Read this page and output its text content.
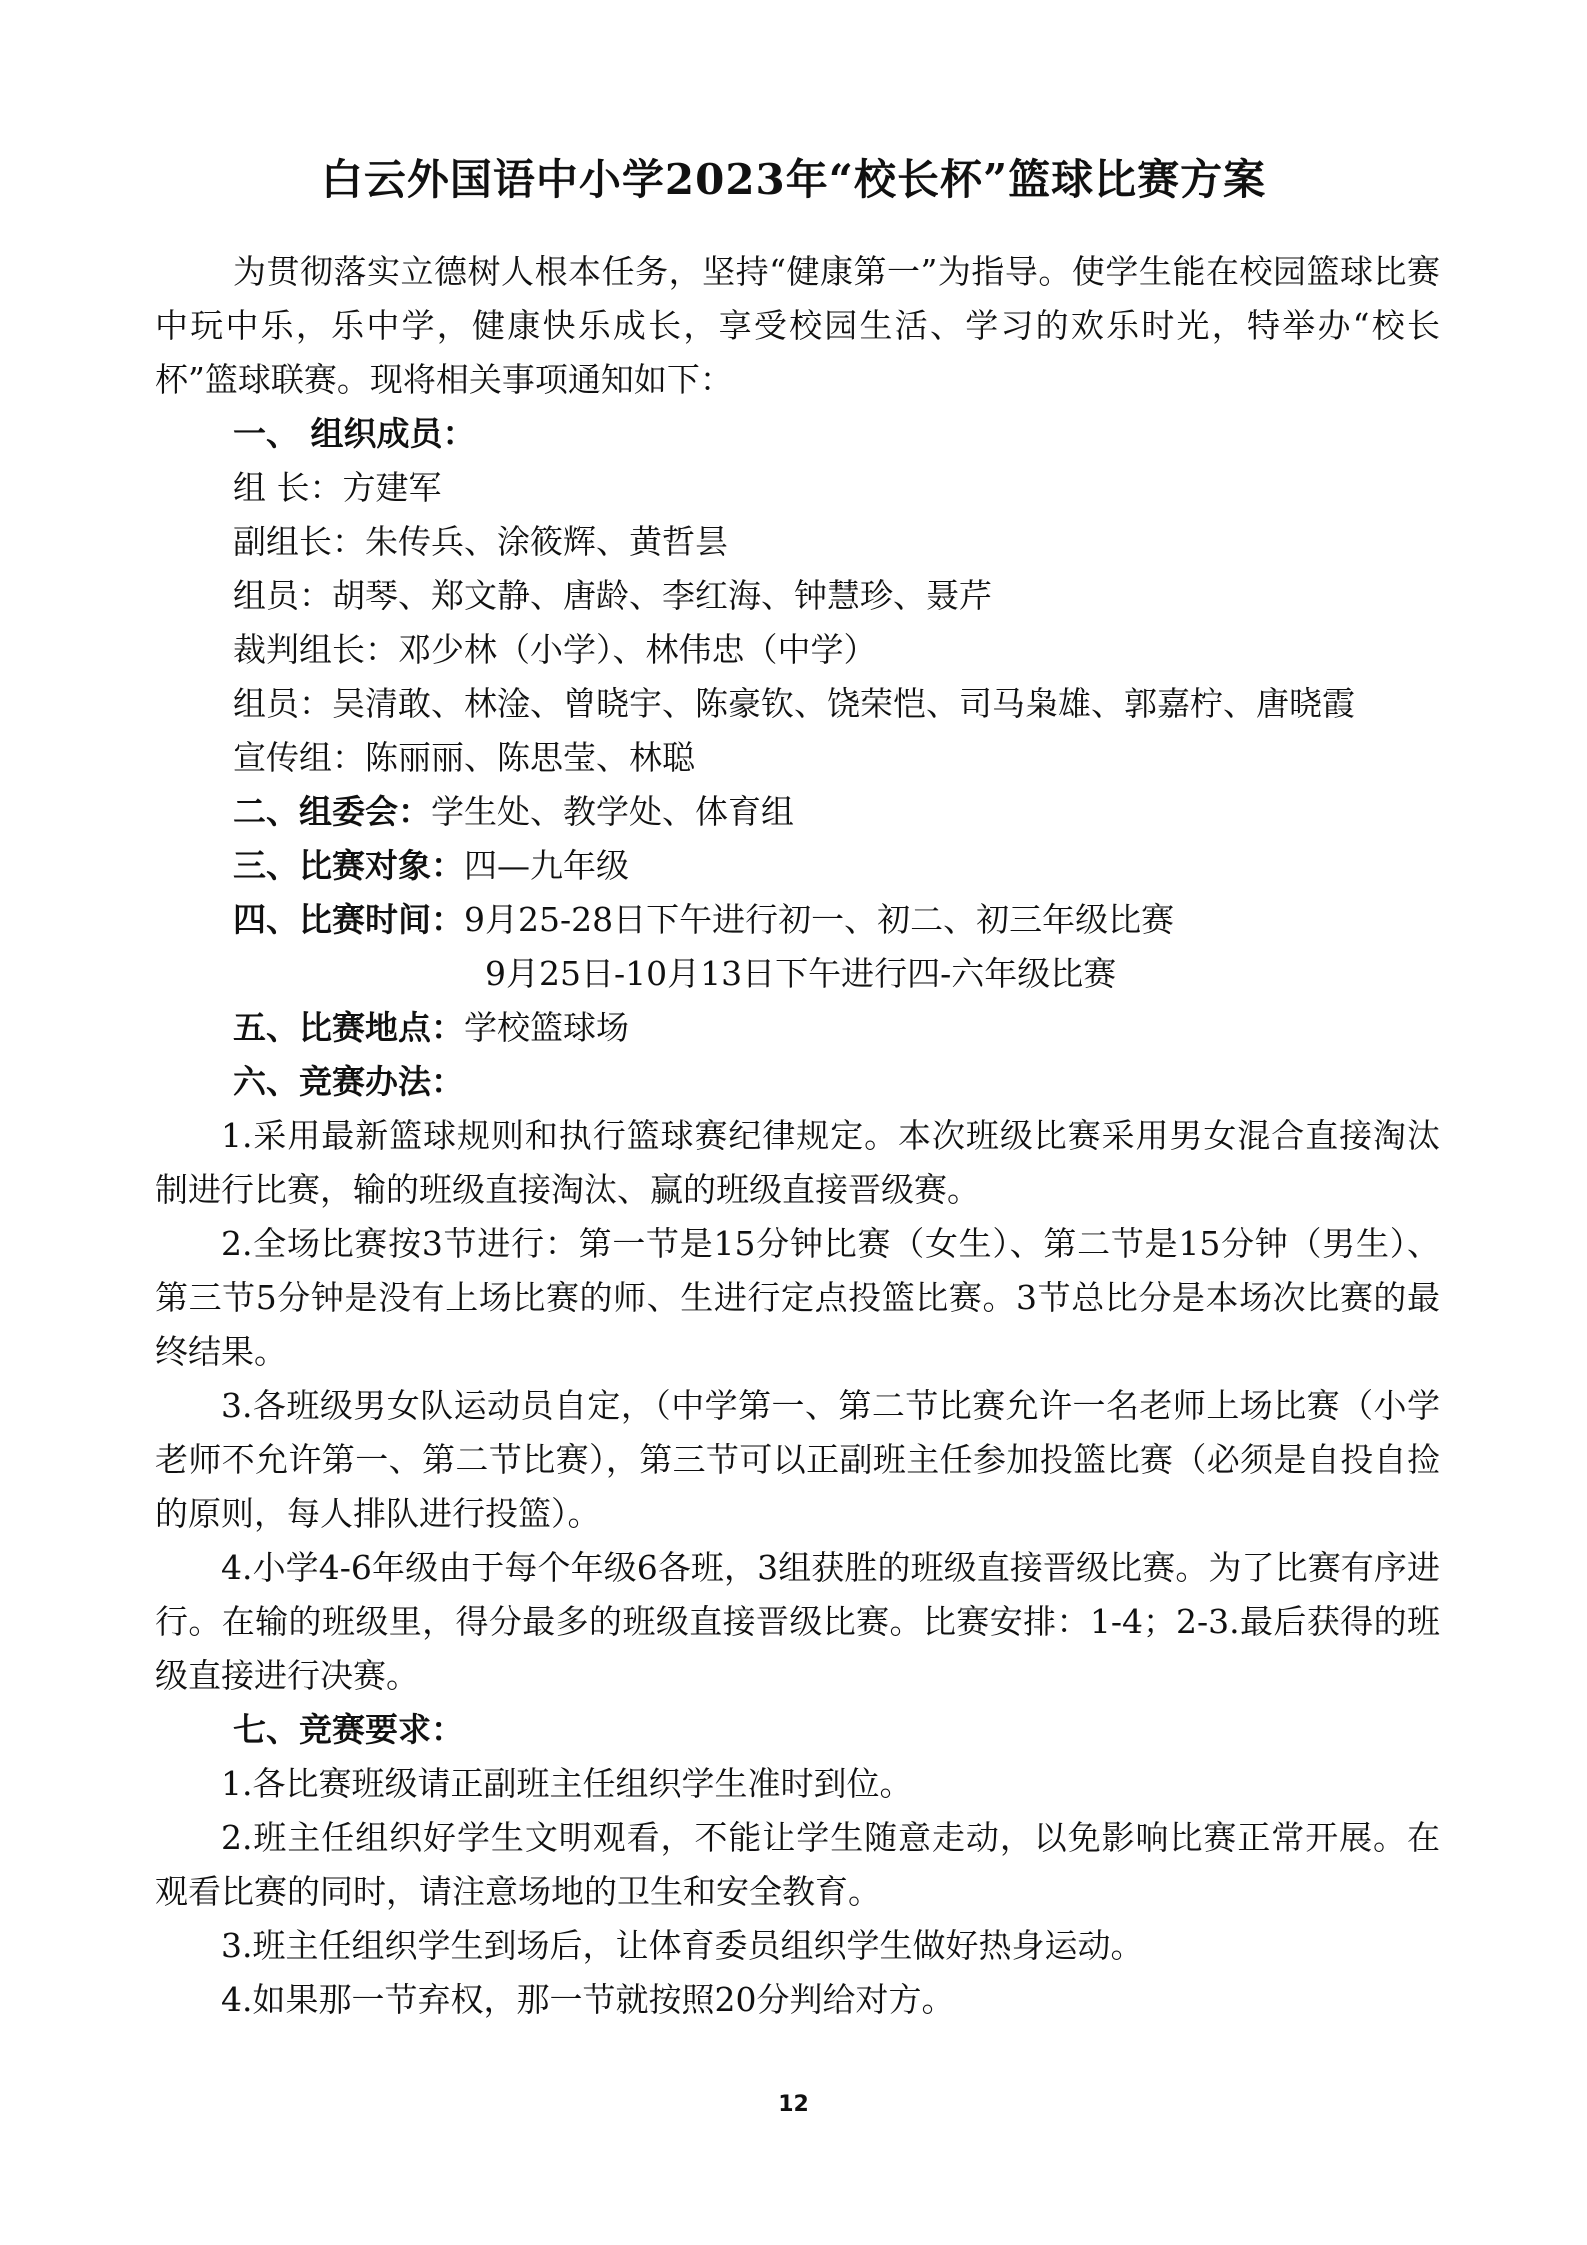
白云外国语中小学2023年“校长杯”篮球比赛方案

为贯彻落实立德树人根本任务，坚持“健康第一”为指导。使学生能在校园篮球比赛中玩中乐，乐中学，健康快乐成长，享受校园生活、学习的欢乐时光，特举办“校长杯”篮球联赛。现将相关事项通知如下：

一、 组织成员：

组 长：方建军

副组长：朱传兵、涂筱辉、黄哲昙

组员：胡琴、郑文静、唐龄、李红海、钟慧珍、聂芹

裁判组长：邓少林（小学）、林伟忠（中学）

组员：吴清敢、林淦、曾晓宇、陈豪钦、饶荣恺、司马枭雄、郭嘉柠、唐晓霞

宣传组：陈丽丽、陈思莹、林聪

二、组委会：学生处、教学处、体育组

三、比赛对象：四—九年级

四、比赛时间：9月25-28日下午进行初一、初二、初三年级比赛

9月25日-10月13日下午进行四-六年级比赛

五、比赛地点：学校篮球场

六、竞赛办法：

1.采用最新篮球规则和执行篮球赛纪律规定。本次班级比赛采用男女混合直接淘汰制进行比赛，输的班级直接淘汰、赢的班级直接晋级赛。

2.全场比赛按3节进行：第一节是15分钟比赛（女生）、第二节是15分钟（男生）、第三节5分钟是没有上场比赛的师、生进行定点投篮比赛。3节总比分是本场次比赛的最终结果。

3.各班级男女队运动员自定，（中学第一、第二节比赛允许一名老师上场比赛（小学老师不允许第一、第二节比赛），第三节可以正副班主任参加投篮比赛（必须是自投自捡的原则，每人排队进行投篮）。

4.小学4-6年级由于每个年级6各班，3组获胜的班级直接晋级比赛。为了比赛有序进行。在输的班级里，得分最多的班级直接晋级比赛。比赛安排：1-4；2-3.最后获得的班级直接进行决赛。

七、竞赛要求：

1.各比赛班级请正副班主任组织学生准时到位。

2.班主任组织好学生文明观看，不能让学生随意走动，以免影响比赛正常开展。在观看比赛的同时，请注意场地的卫生和安全教育。

3.班主任组织学生到场后，让体育委员组织学生做好热身运动。

4.如果那一节弃权，那一节就按照20分判给对方。

12
